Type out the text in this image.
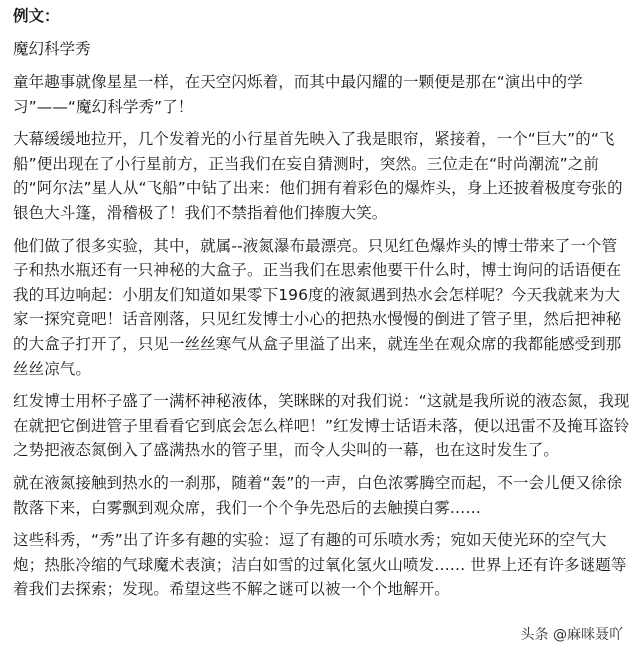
例文：
魔幻科学秀

童年趣事就像星星一样，在天空闪烁着，而其中最闪耀的一颗便是那在“演出中的学习”——“魔幻科学秀”了！

大幕缓缓地拉开，几个发着光的小行星首先映入了我是眼帘，紧接着，一个“巨大”的“飞船”便出现在了小行星前方，正当我们在妄自猜测时，突然。三位走在“时尚潮流”之前的“阿尔法”星人从“飞船”中钻了出来：他们拥有着彩色的爆炸头，身上还披着极度夸张的银色大斗篷，滑稽极了！我们不禁指着他们捧腹大笑。

他们做了很多实验，其中，就属--液氮瀑布最漂亮。只见红色爆炸头的博士带来了一个管子和热水瓶还有一只神秘的大盒子。正当我们在思索他要干什么时，博士询问的话语便在我的耳边响起：小朋友们知道如果零下196度的液氮遇到热水会怎样呢？今天我就来为大家一探究竟吧！话音刚落，只见红发博士小心的把热水慢慢的倒进了管子里，然后把神秘的大盒子打开了，只见一丝丝寒气从盒子里溢了出来，就连坐在观众席的我都能感受到那丝丝凉气。

红发博士用杯子盛了一满杯神秘液体，笑眯眯的对我们说：“这就是我所说的液态氮，我现在就把它倒进管子里看看它到底会怎么样吧！”红发博士话语未落，便以迅雷不及掩耳盗铃之势把液态氮倒入了盛满热水的管子里，而令人尖叫的一幕，也在这时发生了。

就在液氮接触到热水的一刹那，随着“轰”的一声，白色浓雾腾空而起，不一会儿便又徐徐散落下来，白雾飘到观众席，我们一个个争先恐后的去触摸白雾……

这些科秀，“秀”出了许多有趣的实验：逗了有趣的可乐喷水秀；宛如天使光环的空气大炮；热胀冷缩的气球魔术表演；洁白如雪的过氧化氢火山喷发…… 世界上还有许多谜题等着我们去探索；发现。希望这些不解之谜可以被一个个地解开。

头条 @麻咪聂吖
